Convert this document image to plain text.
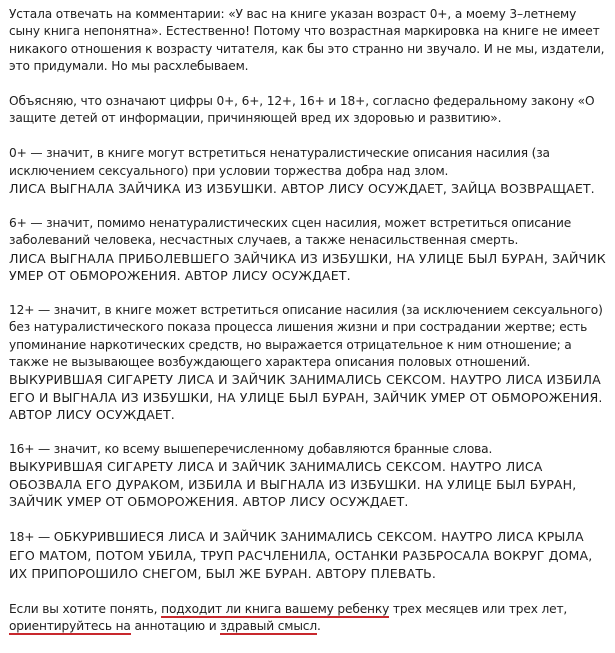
Устала отвечать на комментарии: «У вас на книге указан возраст 0+, а моему 3–летнему сыну книга непонятна». Естественно! Потому что возрастная маркировка на книге не имеет никакого отношения к возрасту читателя, как бы это странно ни звучало. И не мы, издатели, это придумали. Но мы расхлебываем.

Объясняю, что означают цифры 0+, 6+, 12+, 16+ и 18+, согласно федеральному закону «О защите детей от информации, причиняющей вред их здоровью и развитию».

0+ — значит, в книге могут встретиться ненатуралистические описания насилия (за исключением сексуального) при условии торжества добра над злом.
ЛИСА ВЫГНАЛА ЗАЙЧИКА ИЗ ИЗБУШКИ. АВТОР ЛИСУ ОСУЖДАЕТ, ЗАЙЦА ВОЗВРАЩАЕТ.

6+ — значит, помимо ненатуралистических сцен насилия, может встретиться описание заболеваний человека, несчастных случаев, а также ненасильственная смерть.
ЛИСА ВЫГНАЛА ПРИБОЛЕВШЕГО ЗАЙЧИКА ИЗ ИЗБУШКИ, НА УЛИЦЕ БЫЛ БУРАН, ЗАЙЧИК УМЕР ОТ ОБМОРОЖЕНИЯ. АВТОР ЛИСУ ОСУЖДАЕТ.

12+ — значит, в книге может встретиться описание насилия (за исключением сексуального) без натуралистического показа процесса лишения жизни и при сострадании жертве; есть упоминание наркотических средств, но выражается отрицательное к ним отношение; а также не вызывающее возбуждающего характера описания половых отношений.
ВЫКУРИВШАЯ СИГАРЕТУ ЛИСА И ЗАЙЧИК ЗАНИМАЛИСЬ СЕКСОМ. НАУТРО ЛИСА ИЗБИЛА ЕГО И ВЫГНАЛА ИЗ ИЗБУШКИ, НА УЛИЦЕ БЫЛ БУРАН, ЗАЙЧИК УМЕР ОТ ОБМОРОЖЕНИЯ. АВТОР ЛИСУ ОСУЖДАЕТ.

16+ — значит, ко всему вышеперечисленному добавляются бранные слова.
ВЫКУРИВШАЯ СИГАРЕТУ ЛИСА И ЗАЙЧИК ЗАНИМАЛИСЬ СЕКСОМ. НАУТРО ЛИСА ОБОЗВАЛА ЕГО ДУРАКОМ, ИЗБИЛА И ВЫГНАЛА ИЗ ИЗБУШКИ. НА УЛИЦЕ БЫЛ БУРАН, ЗАЙЧИК УМЕР ОТ ОБМОРОЖЕНИЯ. АВТОР ЛИСУ ОСУЖДАЕТ.

18+ — ОБКУРИВШИЕСЯ ЛИСА И ЗАЙЧИК ЗАНИМАЛИСЬ СЕКСОМ. НАУТРО ЛИСА КРЫЛА ЕГО МАТОМ, ПОТОМ УБИЛА, ТРУП РАСЧЛЕНИЛА, ОСТАНКИ РАЗБРОСАЛА ВОКРУГ ДОМА, ИХ ПРИПОРОШИЛО СНЕГОМ, БЫЛ ЖЕ БУРАН. АВТОРУ ПЛЕВАТЬ.

Если вы хотите понять, подходит ли книга вашему ребенку трех месяцев или трех лет, ориентируйтесь на аннотацию и здравый смысл.
